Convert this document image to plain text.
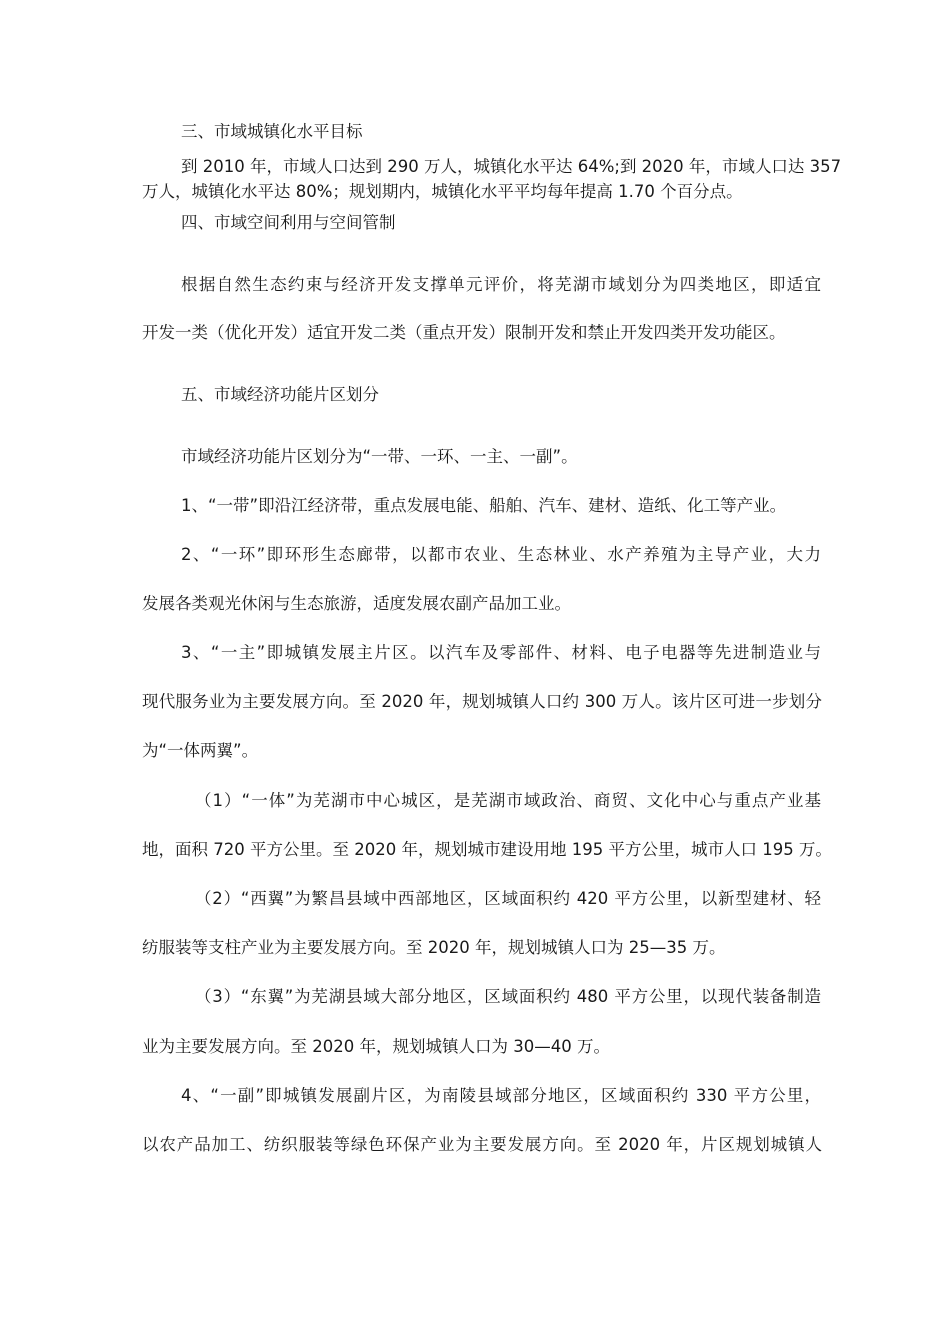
三、市域城镇化水平目标
到 2010 年，市域人口达到 290 万人，城镇化水平达 64%;到 2020 年，市域人口达 357
万人，城镇化水平达 80%；规划期内，城镇化水平平均每年提高 1.70 个百分点。
四、市域空间利用与空间管制
根据自然生态约束与经济开发支撑单元评价，将芜湖市域划分为四类地区，即适宜
开发一类（优化开发）适宜开发二类（重点开发）限制开发和禁止开发四类开发功能区。
五、市域经济功能片区划分
市域经济功能片区划分为“一带、一环、一主、一副”。
1、“一带”即沿江经济带，重点发展电能、船舶、汽车、建材、造纸、化工等产业。
2、“一环”即环形生态廊带，以都市农业、生态林业、水产养殖为主导产业，大力
发展各类观光休闲与生态旅游，适度发展农副产品加工业。
3、“一主”即城镇发展主片区。以汽车及零部件、材料、电子电器等先进制造业与
现代服务业为主要发展方向。至 2020 年，规划城镇人口约 300 万人。该片区可进一步划分
为“一体两翼”。
（1）“一体”为芜湖市中心城区，是芜湖市域政治、商贸、文化中心与重点产业基
地，面积 720 平方公里。至 2020 年，规划城市建设用地 195 平方公里，城市人口 195 万。
（2）“西翼”为繁昌县域中西部地区，区域面积约 420 平方公里，以新型建材、轻
纺服装等支柱产业为主要发展方向。至 2020 年，规划城镇人口为 25—35 万。
（3）“东翼”为芜湖县域大部分地区，区域面积约 480 平方公里，以现代装备制造
业为主要发展方向。至 2020 年，规划城镇人口为 30—40 万。
4、“一副”即城镇发展副片区，为南陵县域部分地区，区域面积约 330 平方公里，
以农产品加工、纺织服装等绿色环保产业为主要发展方向。至 2020 年，片区规划城镇人
